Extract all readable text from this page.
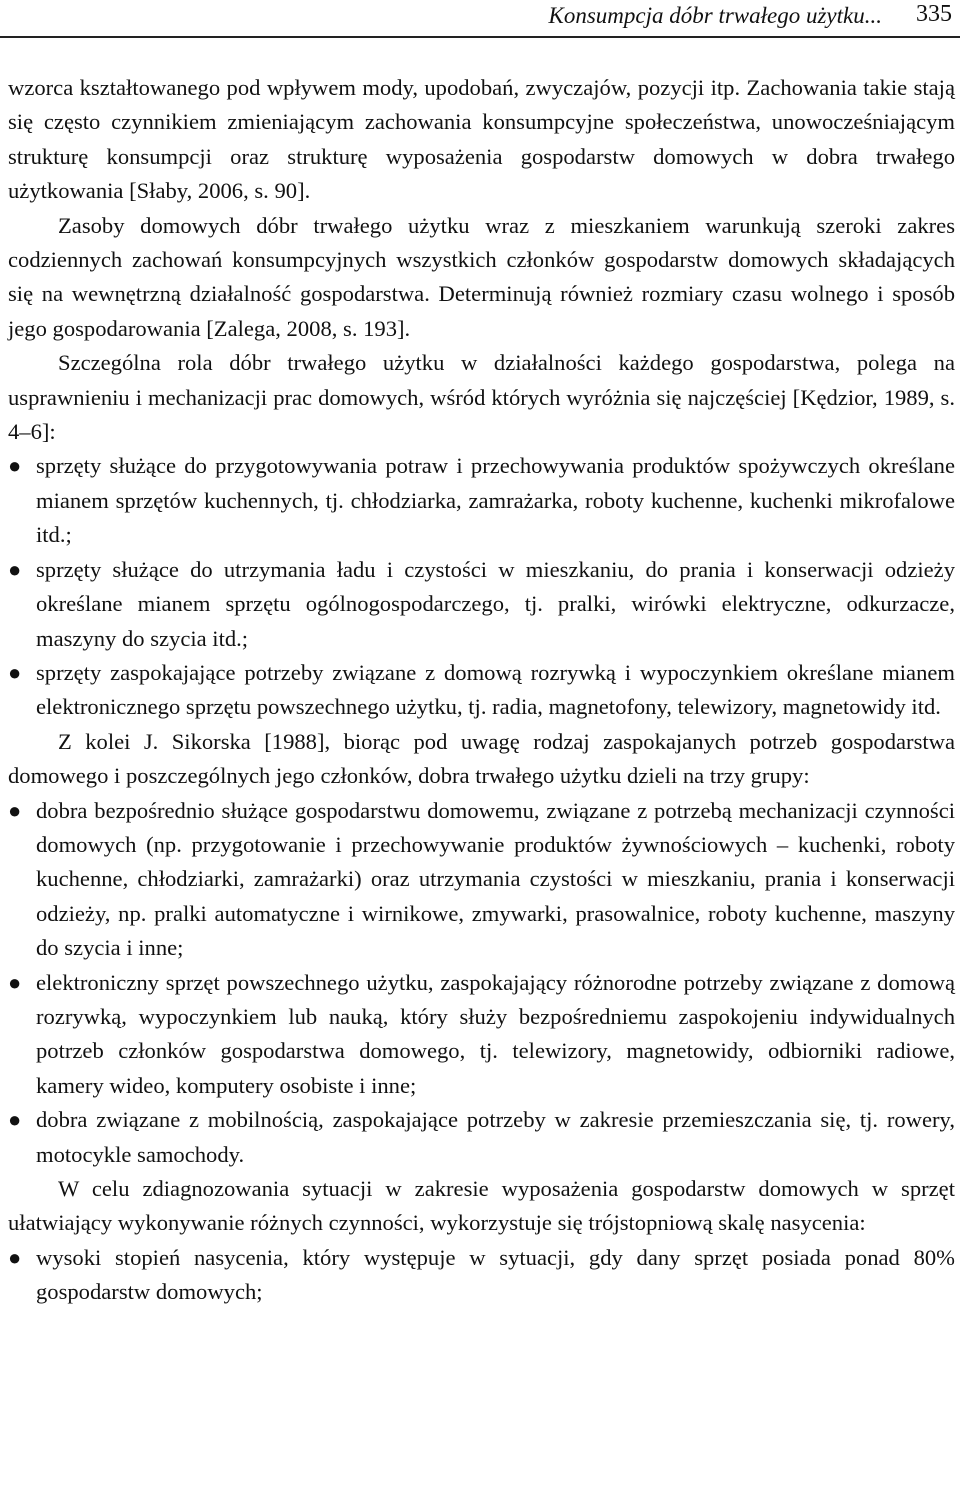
Konsumpcja dóbr trwałego użytku... 335

wzorca kształtowanego pod wpływem mody, upodobań, zwyczajów, pozycji itp. Zachowania takie stają się często czynnikiem zmieniającym zachowania konsumpcyjne społeczeństwa, unowocześniającym strukturę konsumpcji oraz strukturę wyposażenia gospodarstw domowych w dobra trwałego użytkowania [Słaby, 2006, s. 90].

Zasoby domowych dóbr trwałego użytku wraz z mieszkaniem warunkują szeroki zakres codziennych zachowań konsumpcyjnych wszystkich członków gospodarstw domowych składających się na wewnętrzną działalność gospodarstwa. Determinują również rozmiary czasu wolnego i sposób jego gospodarowania [Zalega, 2008, s. 193].

Szczególna rola dóbr trwałego użytku w działalności każdego gospodarstwa, polega na usprawnieniu i mechanizacji prac domowych, wśród których wyróżnia się najczęściej [Kędzior, 1989, s. 4–6]:

● sprzęty służące do przygotowywania potraw i przechowywania produktów spożywczych określane mianem sprzętów kuchennych, tj. chłodziarka, zamrażarka, roboty kuchenne, kuchenki mikrofalowe itd.;
● sprzęty służące do utrzymania ładu i czystości w mieszkaniu, do prania i konserwacji odzieży określane mianem sprzętu ogólnogospodarczego, tj. pralki, wirówki elektryczne, odkurzacze, maszyny do szycia itd.;
● sprzęty zaspokajające potrzeby związane z domową rozrywką i wypoczynkiem określane mianem elektronicznego sprzętu powszechnego użytku, tj. radia, magnetofony, telewizory, magnetowidy itd.

Z kolei J. Sikorska [1988], biorąc pod uwagę rodzaj zaspokajanych potrzeb gospodarstwa domowego i poszczególnych jego członków, dobra trwałego użytku dzieli na trzy grupy:

● dobra bezpośrednio służące gospodarstwu domowemu, związane z potrzebą mechanizacji czynności domowych (np. przygotowanie i przechowywanie produktów żywnościowych – kuchenki, roboty kuchenne, chłodziarki, zamrażarki) oraz utrzymania czystości w mieszkaniu, prania i konserwacji odzieży, np. pralki automatyczne i wirnikowe, zmywarki, prasowalnice, roboty kuchenne, maszyny do szycia i inne;
● elektroniczny sprzęt powszechnego użytku, zaspokajający różnorodne potrzeby związane z domową rozrywką, wypoczynkiem lub nauką, który służy bezpośredniemu zaspokojeniu indywidualnych potrzeb członków gospodarstwa domowego, tj. telewizory, magnetowidy, odbiorniki radiowe, kamery wideo, komputery osobiste i inne;
● dobra związane z mobilnością, zaspokajające potrzeby w zakresie przemieszczania się, tj. rowery, motocykle samochody.

W celu zdiagnozowania sytuacji w zakresie wyposażenia gospodarstw domowych w sprzęt ułatwiający wykonywanie różnych czynności, wykorzystuje się trójstopniową skalę nasycenia:

● wysoki stopień nasycenia, który występuje w sytuacji, gdy dany sprzęt posiada ponad 80% gospodarstw domowych;
